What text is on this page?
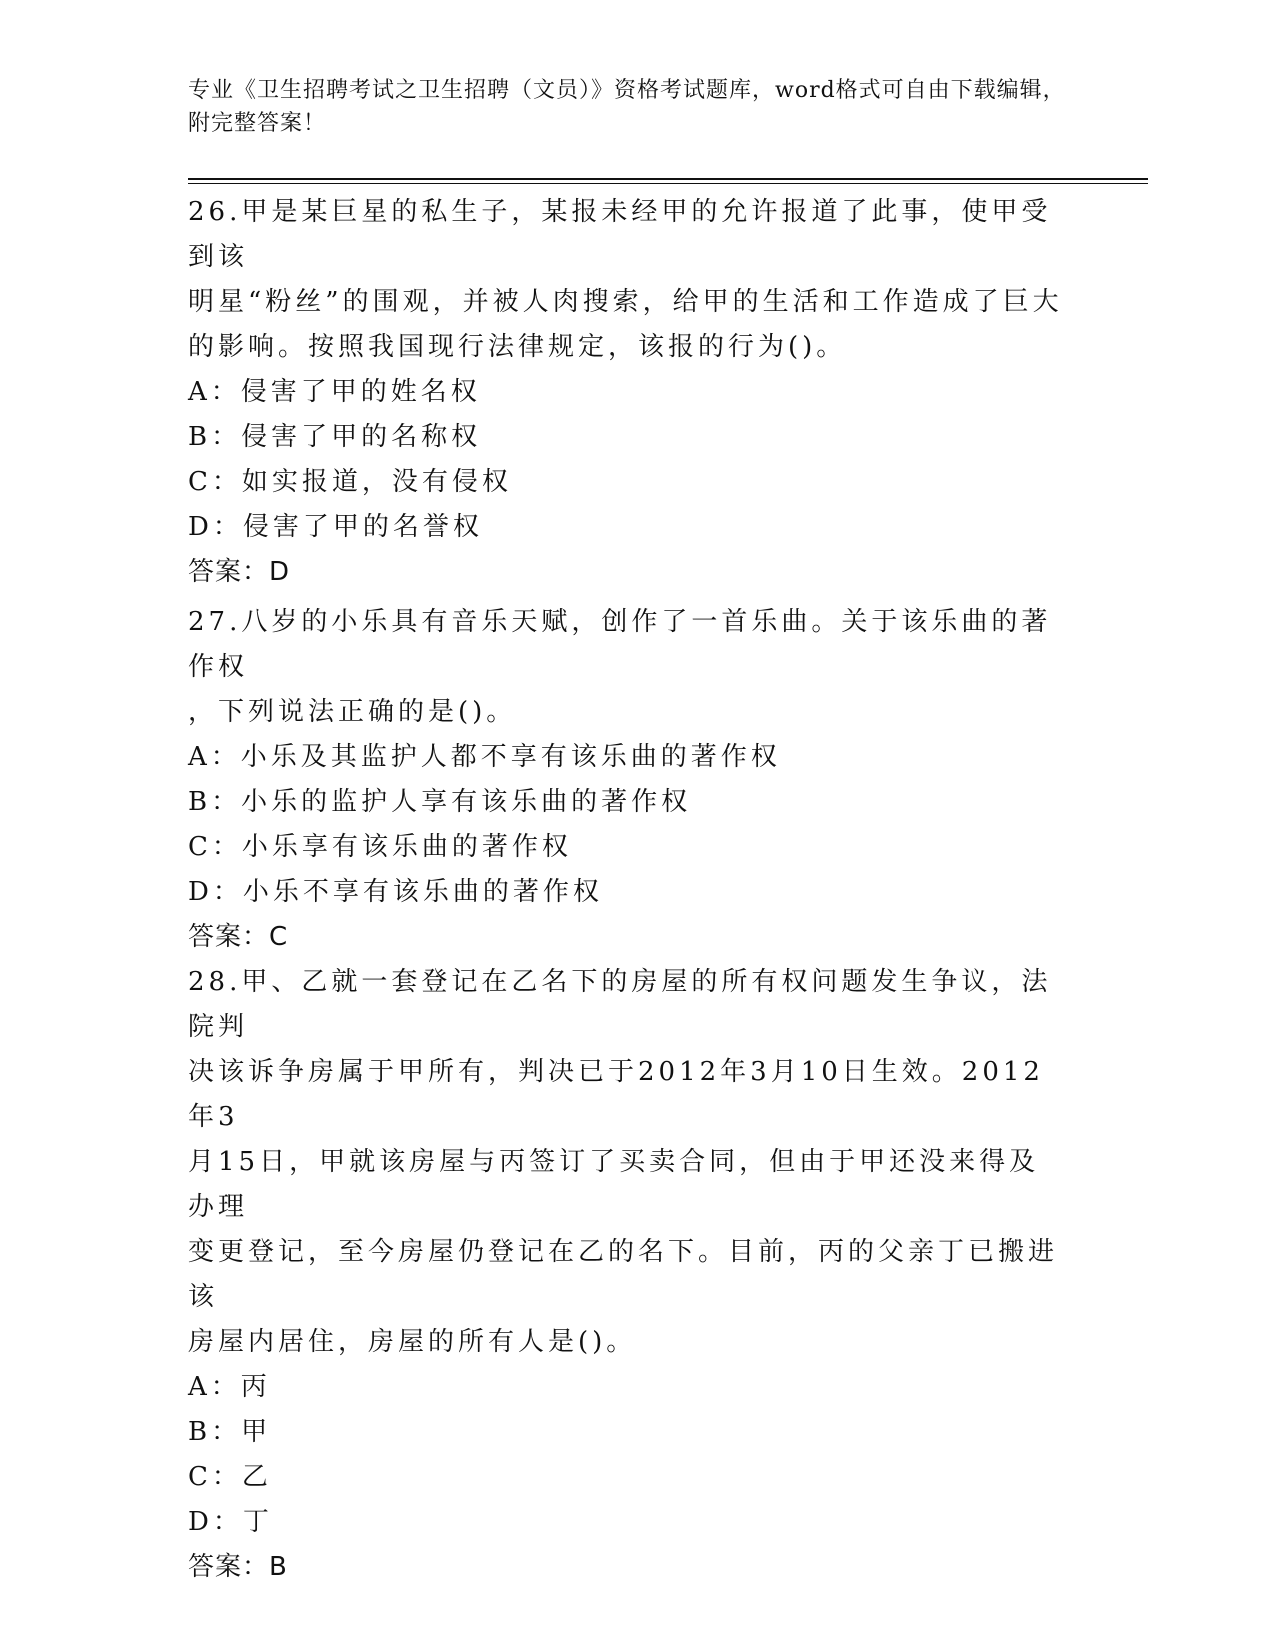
专业《卫生招聘考试之卫生招聘（文员）》资格考试题库，word格式可自由下载编辑，附完整答案！

26.甲是某巨星的私生子，某报未经甲的允许报道了此事，使甲受到该

明星“粉丝”的围观，并被人肉搜索，给甲的生活和工作造成了巨大

的影响。按照我国现行法律规定，该报的行为()。

A：侵害了甲的姓名权

B：侵害了甲的名称权

C：如实报道，没有侵权

D：侵害了甲的名誉权

答案：D

27.八岁的小乐具有音乐天赋，创作了一首乐曲。关于该乐曲的著作权

，下列说法正确的是()。

A：小乐及其监护人都不享有该乐曲的著作权

B：小乐的监护人享有该乐曲的著作权

C：小乐享有该乐曲的著作权

D：小乐不享有该乐曲的著作权

答案：C

28.甲、乙就一套登记在乙名下的房屋的所有权问题发生争议，法院判

决该诉争房属于甲所有，判决已于2012年3月10日生效。2012年3

月15日，甲就该房屋与丙签订了买卖合同，但由于甲还没来得及办理

变更登记，至今房屋仍登记在乙的名下。目前，丙的父亲丁已搬进该

房屋内居住，房屋的所有人是()。

A：丙

B：甲

C：乙

D：丁

答案：B
